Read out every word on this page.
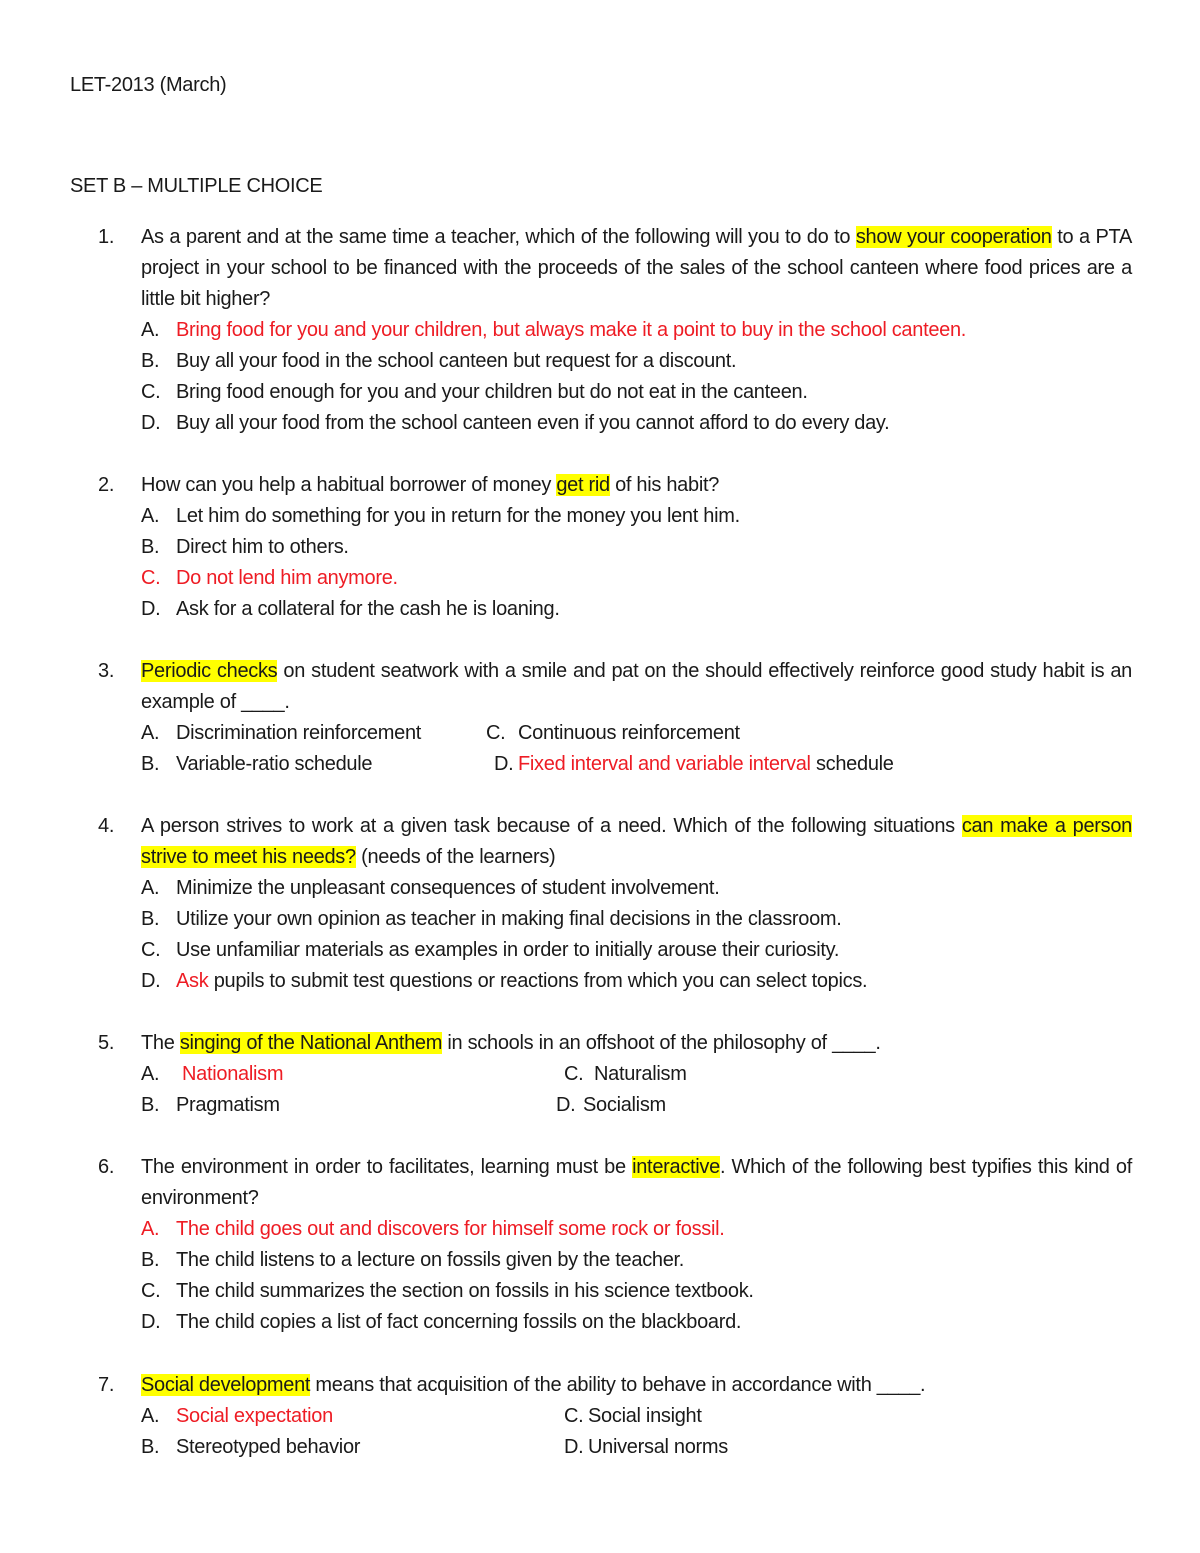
LET-2013 (March)
SET B – MULTIPLE CHOICE
1. As a parent and at the same time a teacher, which of the following will you to do to show your cooperation to a PTA project in your school to be financed with the proceeds of the sales of the school canteen where food prices are a little bit higher?
A. Bring food for you and your children, but always make it a point to buy in the school canteen.
B. Buy all your food in the school canteen but request for a discount.
C. Bring food enough for you and your children but do not eat in the canteen.
D. Buy all your food from the school canteen even if you cannot afford to do every day.
2. How can you help a habitual borrower of money get rid of his habit?
A. Let him do something for you in return for the money you lent him.
B. Direct him to others.
C. Do not lend him anymore.
D. Ask for a collateral for the cash he is loaning.
3. Periodic checks on student seatwork with a smile and pat on the should effectively reinforce good study habit is an example of ____.
A. Discrimination reinforcement	C. Continuous reinforcement
B. Variable-ratio schedule	D. Fixed interval and variable interval schedule
4. A person strives to work at a given task because of a need. Which of the following situations can make a person strive to meet his needs? (needs of the learners)
A. Minimize the unpleasant consequences of student involvement.
B. Utilize your own opinion as teacher in making final decisions in the classroom.
C. Use unfamiliar materials as examples in order to initially arouse their curiosity.
D. Ask pupils to submit test questions or reactions from which you can select topics.
5. The singing of the National Anthem in schools in an offshoot of the philosophy of ____.
A. Nationalism	C. Naturalism
B. Pragmatism	D. Socialism
6. The environment in order to facilitates, learning must be interactive. Which of the following best typifies this kind of environment?
A. The child goes out and discovers for himself some rock or fossil.
B. The child listens to a lecture on fossils given by the teacher.
C. The child summarizes the section on fossils in his science textbook.
D. The child copies a list of fact concerning fossils on the blackboard.
7. Social development means that acquisition of the ability to behave in accordance with ____.
A. Social expectation	C. Social insight
B. Stereotyped behavior	D. Universal norms
